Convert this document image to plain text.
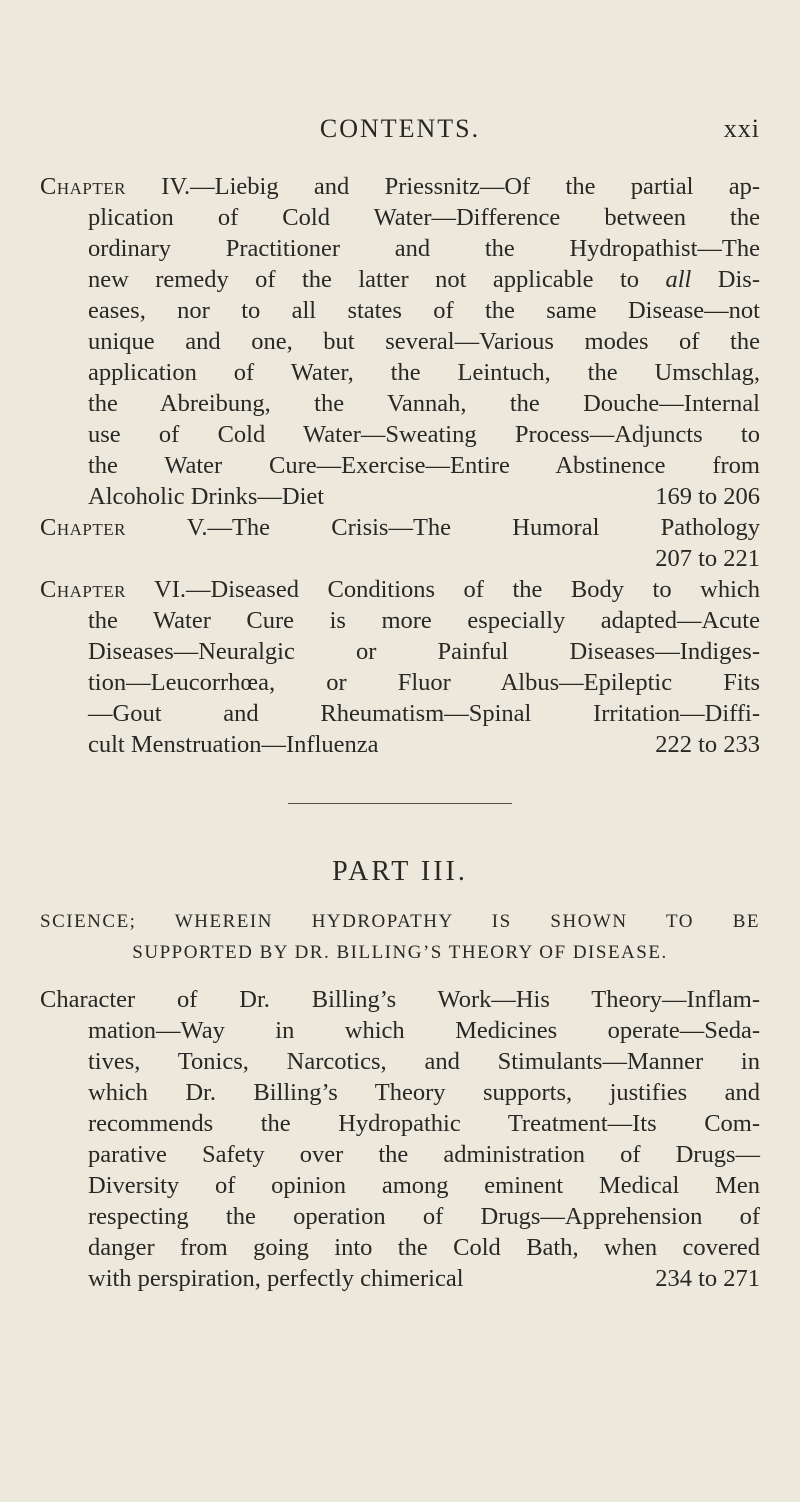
CONTENTS.	xxi
Chapter IV.—Liebig and Priessnitz—Of the partial ap-
plication of Cold Water—Difference between the
ordinary Practitioner and the Hydropathist—The
new remedy of the latter not applicable to all Dis-
eases, nor to all states of the same Disease—not
unique and one, but several—Various modes of the
application of Water, the Leintuch, the Umschlag,
the Abreibung, the Vannah, the Douche—Internal
use of Cold Water—Sweating Process—Adjuncts to
the Water Cure—Exercise—Entire Abstinence from
Alcoholic Drinks—Diet	169 to 206
Chapter V.—The Crisis—The Humoral Pathology
207 to 221
Chapter VI.—Diseased Conditions of the Body to which
the Water Cure is more especially adapted—Acute
Diseases—Neuralgic or Painful Diseases—Indiges-
tion—Leucorrhœa, or Fluor Albus—Epileptic Fits
—Gout and Rheumatism—Spinal Irritation—Diffi-
cult Menstruation—Influenza	222 to 233
PART III.
SCIENCE; WHEREIN HYDROPATHY IS SHOWN TO BE
SUPPORTED BY DR. BILLING’S THEORY OF DISEASE.
Character of Dr. Billing’s Work—His Theory—Inflam-
mation—Way in which Medicines operate—Seda-
tives, Tonics, Narcotics, and Stimulants—Manner in
which Dr. Billing’s Theory supports, justifies and
recommends the Hydropathic Treatment—Its Com-
parative Safety over the administration of Drugs—
Diversity of opinion among eminent Medical Men
respecting the operation of Drugs—Apprehension of
danger from going into the Cold Bath, when covered
with perspiration, perfectly chimerical	234 to 271
